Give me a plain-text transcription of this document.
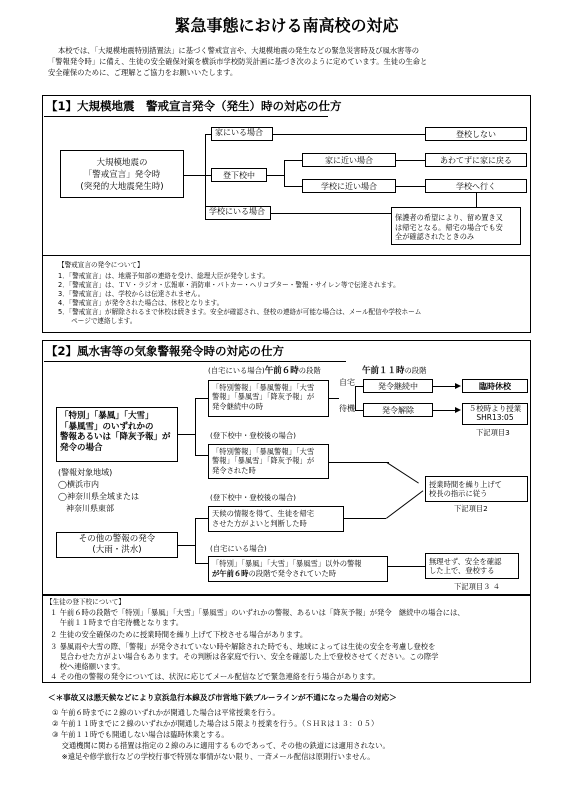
緊急事態における南高校の対応
本校では、「大規模地震特別措置法」に基づく警戒宣言や、大規模地震の発生などの緊急災害時及び風水害等の
「警報発令時」に備え、生徒の安全確保対策を横浜市学校防災計画に基づき次のように定めています。生徒の生命と
安全確保のために、ご理解とご協力をお願いいたします。
【1】大規模地震　警戒宣言発令（発生）時の対応の仕方
大規模地震の
「警戒宣言」発令時
(突発的大地震発生時)
家にいる場合	登校しない
登下校中
家に近い場合	あわてずに家に戻る
学校に近い場合	学校へ行く
学校にいる場合
保護者の希望により、留め置き又
は帰宅となる。帰宅の場合でも安
全が確認されたときのみ
【警戒宣言の発令について】
1．「警戒宣言」は、地震予知部の連絡を受け、総理大臣が発令します。
2．「警戒宣言」は、ＴＶ・ラジオ・広報車・消防車・パトカー・ヘリコプター・警報・サイレン等で伝達されます。
3．「警戒宣言」は、学校からは伝達されません。
4．「警戒宣言」が発令された場合は、休校となります。
5．「警戒宣言」が解除されるまで休校は続きます。安全が確認され、登校の連絡が可能な場合は、メール配信や学校ホーム
　　ページで連絡します。
【2】風水害等の気象警報発令時の対応の仕方
(自宅にいる場合)午前６時の段階
「特別警報」「暴風警報」「大雪
警報」「暴風雪」「降灰予報」が
発令継続中の時
午前１１時の段階
自宅
待機
発令継続中	臨時休校
発令解除	５校時より授業
SHR13:05
下記項目3
「特別」「暴風」「大雪」
「暴風雪」のいずれかの
警報あるいは「降灰予報」が
発令の場合
(警報対象地域)
◯横浜市内
◯神奈川県全域または
　神奈川県東部
(登下校中・登校後の場合)
「特別警報」「暴風警報」「大雪
警報」「暴風雪」「降灰予報」が
発令された時
授業時間を繰り上げて
校長の指示に従う
下記項目2
(登下校中・登校後の場合)
天候の情報を得て、生徒を帰宅
させた方がよいと判断した時
その他の警報の発令
(大雨・洪水)	(自宅にいる場合)
「特別」「暴風」「大雪」「暴風雪」以外の警報
が午前６時の段階で発令されていた時
無理せず、安全を確認
した上で、登校する
下記項目３ ４
【生徒の登下校について】
１ 午前６時の段階で「特別」「暴風」「大雪」「暴風雪」のいずれかの警報、あるいは「降灰予報」が発令　継続中の場合には、
　 午前１１時まで自宅待機となります。
２ 生徒の安全確保のために授業時間を繰り上げて下校させる場合があります。
３ 暴風雨や大雪の際、「警報」が発令されていない時や解除された時でも、地域によっては生徒の安全を考慮し登校を
　 見合わせた方がよい場合もあります。その判断は各家庭で行い、安全を確認した上で登校させてください。この際学
　 校へ連絡願います。
４ その他の警報の発令については、状況に応じてメール配信などで緊急連絡を行う場合があります。
＜＊事故又は悪天候などにより京浜急行本線及び市営地下鉄ブルーラインが不通になった場合の対応＞
① 午前６時までに２線のいずれかが開通した場合は平常授業を行う。
② 午前１１時までに２線のいずれかが開通した場合は５限より授業を行う。（ＳＨＲは１３：０５）
③ 午前１１時でも開通しない場合は臨時休業とする。
　 交通機関に関わる措置は指定の２線のみに適用するものであって、その他の鉄道には適用されない。
　 ※遠足や修学旅行などの学校行事で特別な事情がない限り、一斉メール配信は原則行いません。
